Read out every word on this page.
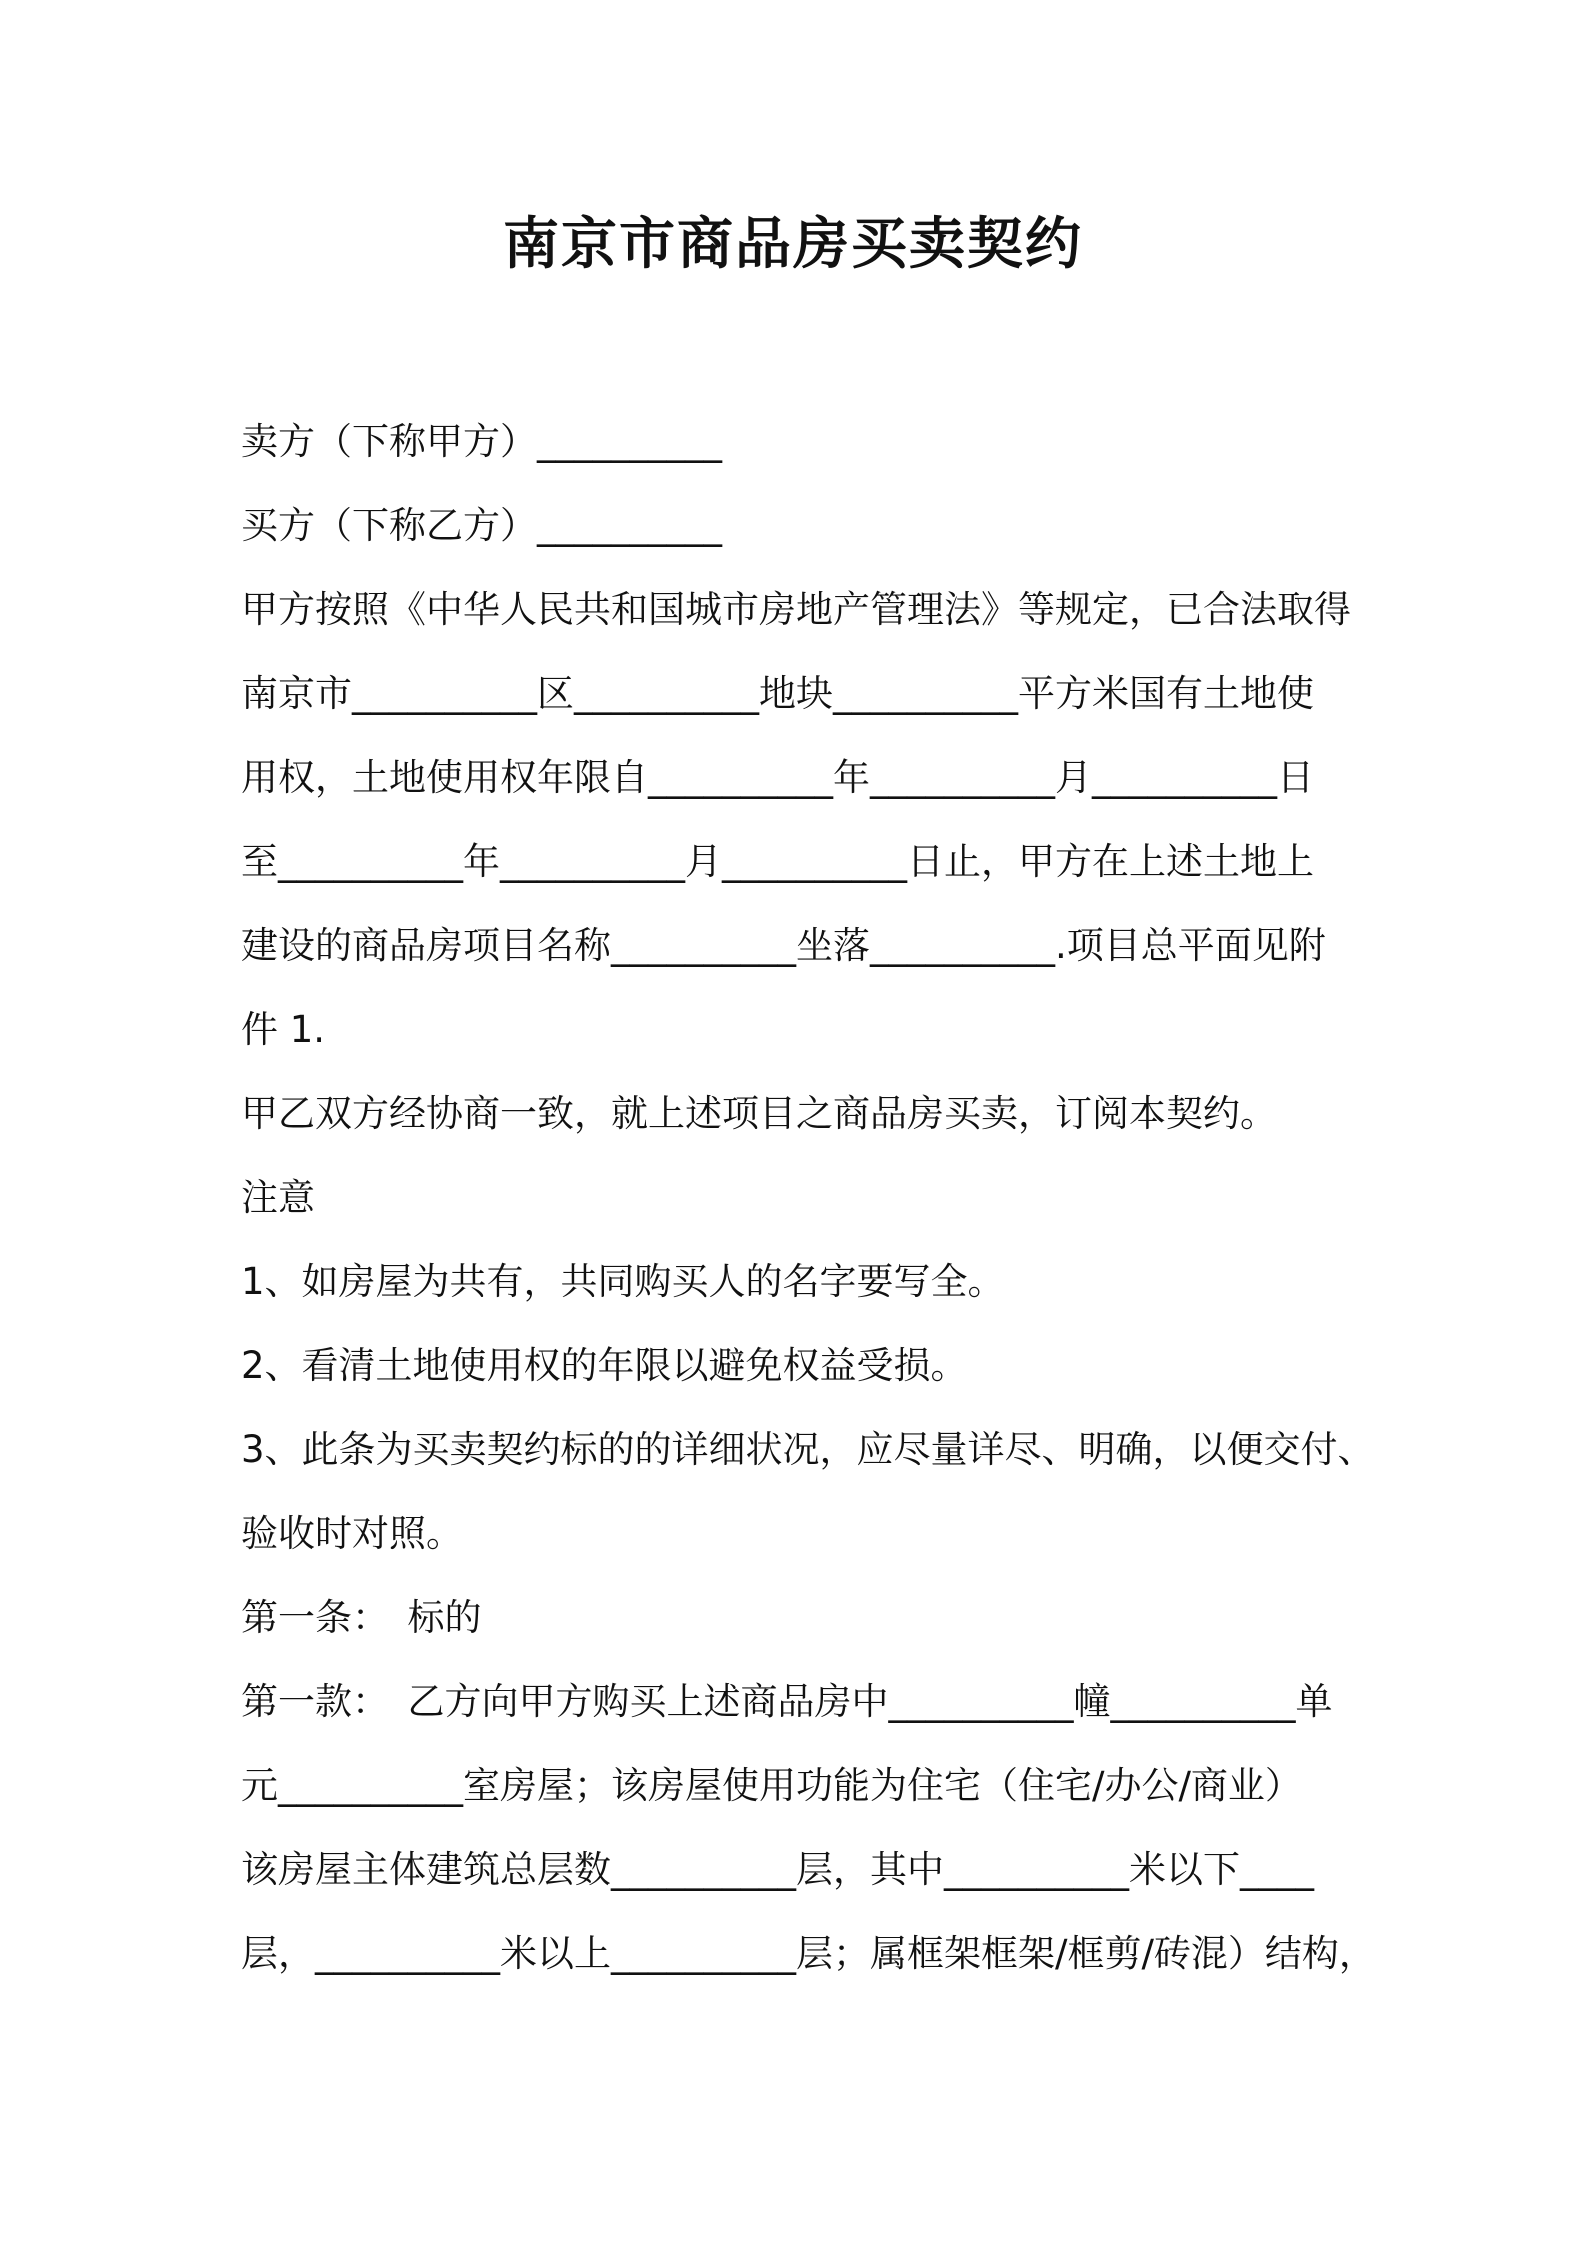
南京市商品房买卖契约

卖方（下称甲方）__________

买方（下称乙方）__________

甲方按照《中华人民共和国城市房地产管理法》等规定，已合法取得

南京市__________区__________地块__________平方米国有土地使

用权，土地使用权年限自__________年__________月__________日

至__________年__________月__________日止，甲方在上述土地上

建设的商品房项目名称__________坐落__________.项目总平面见附

件 1.

甲乙双方经协商一致，就上述项目之商品房买卖，订阅本契约。

注意

1、如房屋为共有，共同购买人的名字要写全。

2、看清土地使用权的年限以避免权益受损。

3、此条为买卖契约标的的详细状况，应尽量详尽、明确，以便交付、

验收时对照。

第一条：　标的

第一款：　乙方向甲方购买上述商品房中__________幢__________单

元__________室房屋；该房屋使用功能为住宅（住宅/办公/商业）

该房屋主体建筑总层数__________层，其中__________米以下____

层，__________米以上__________层；属框架框架/框剪/砖混）结构，
